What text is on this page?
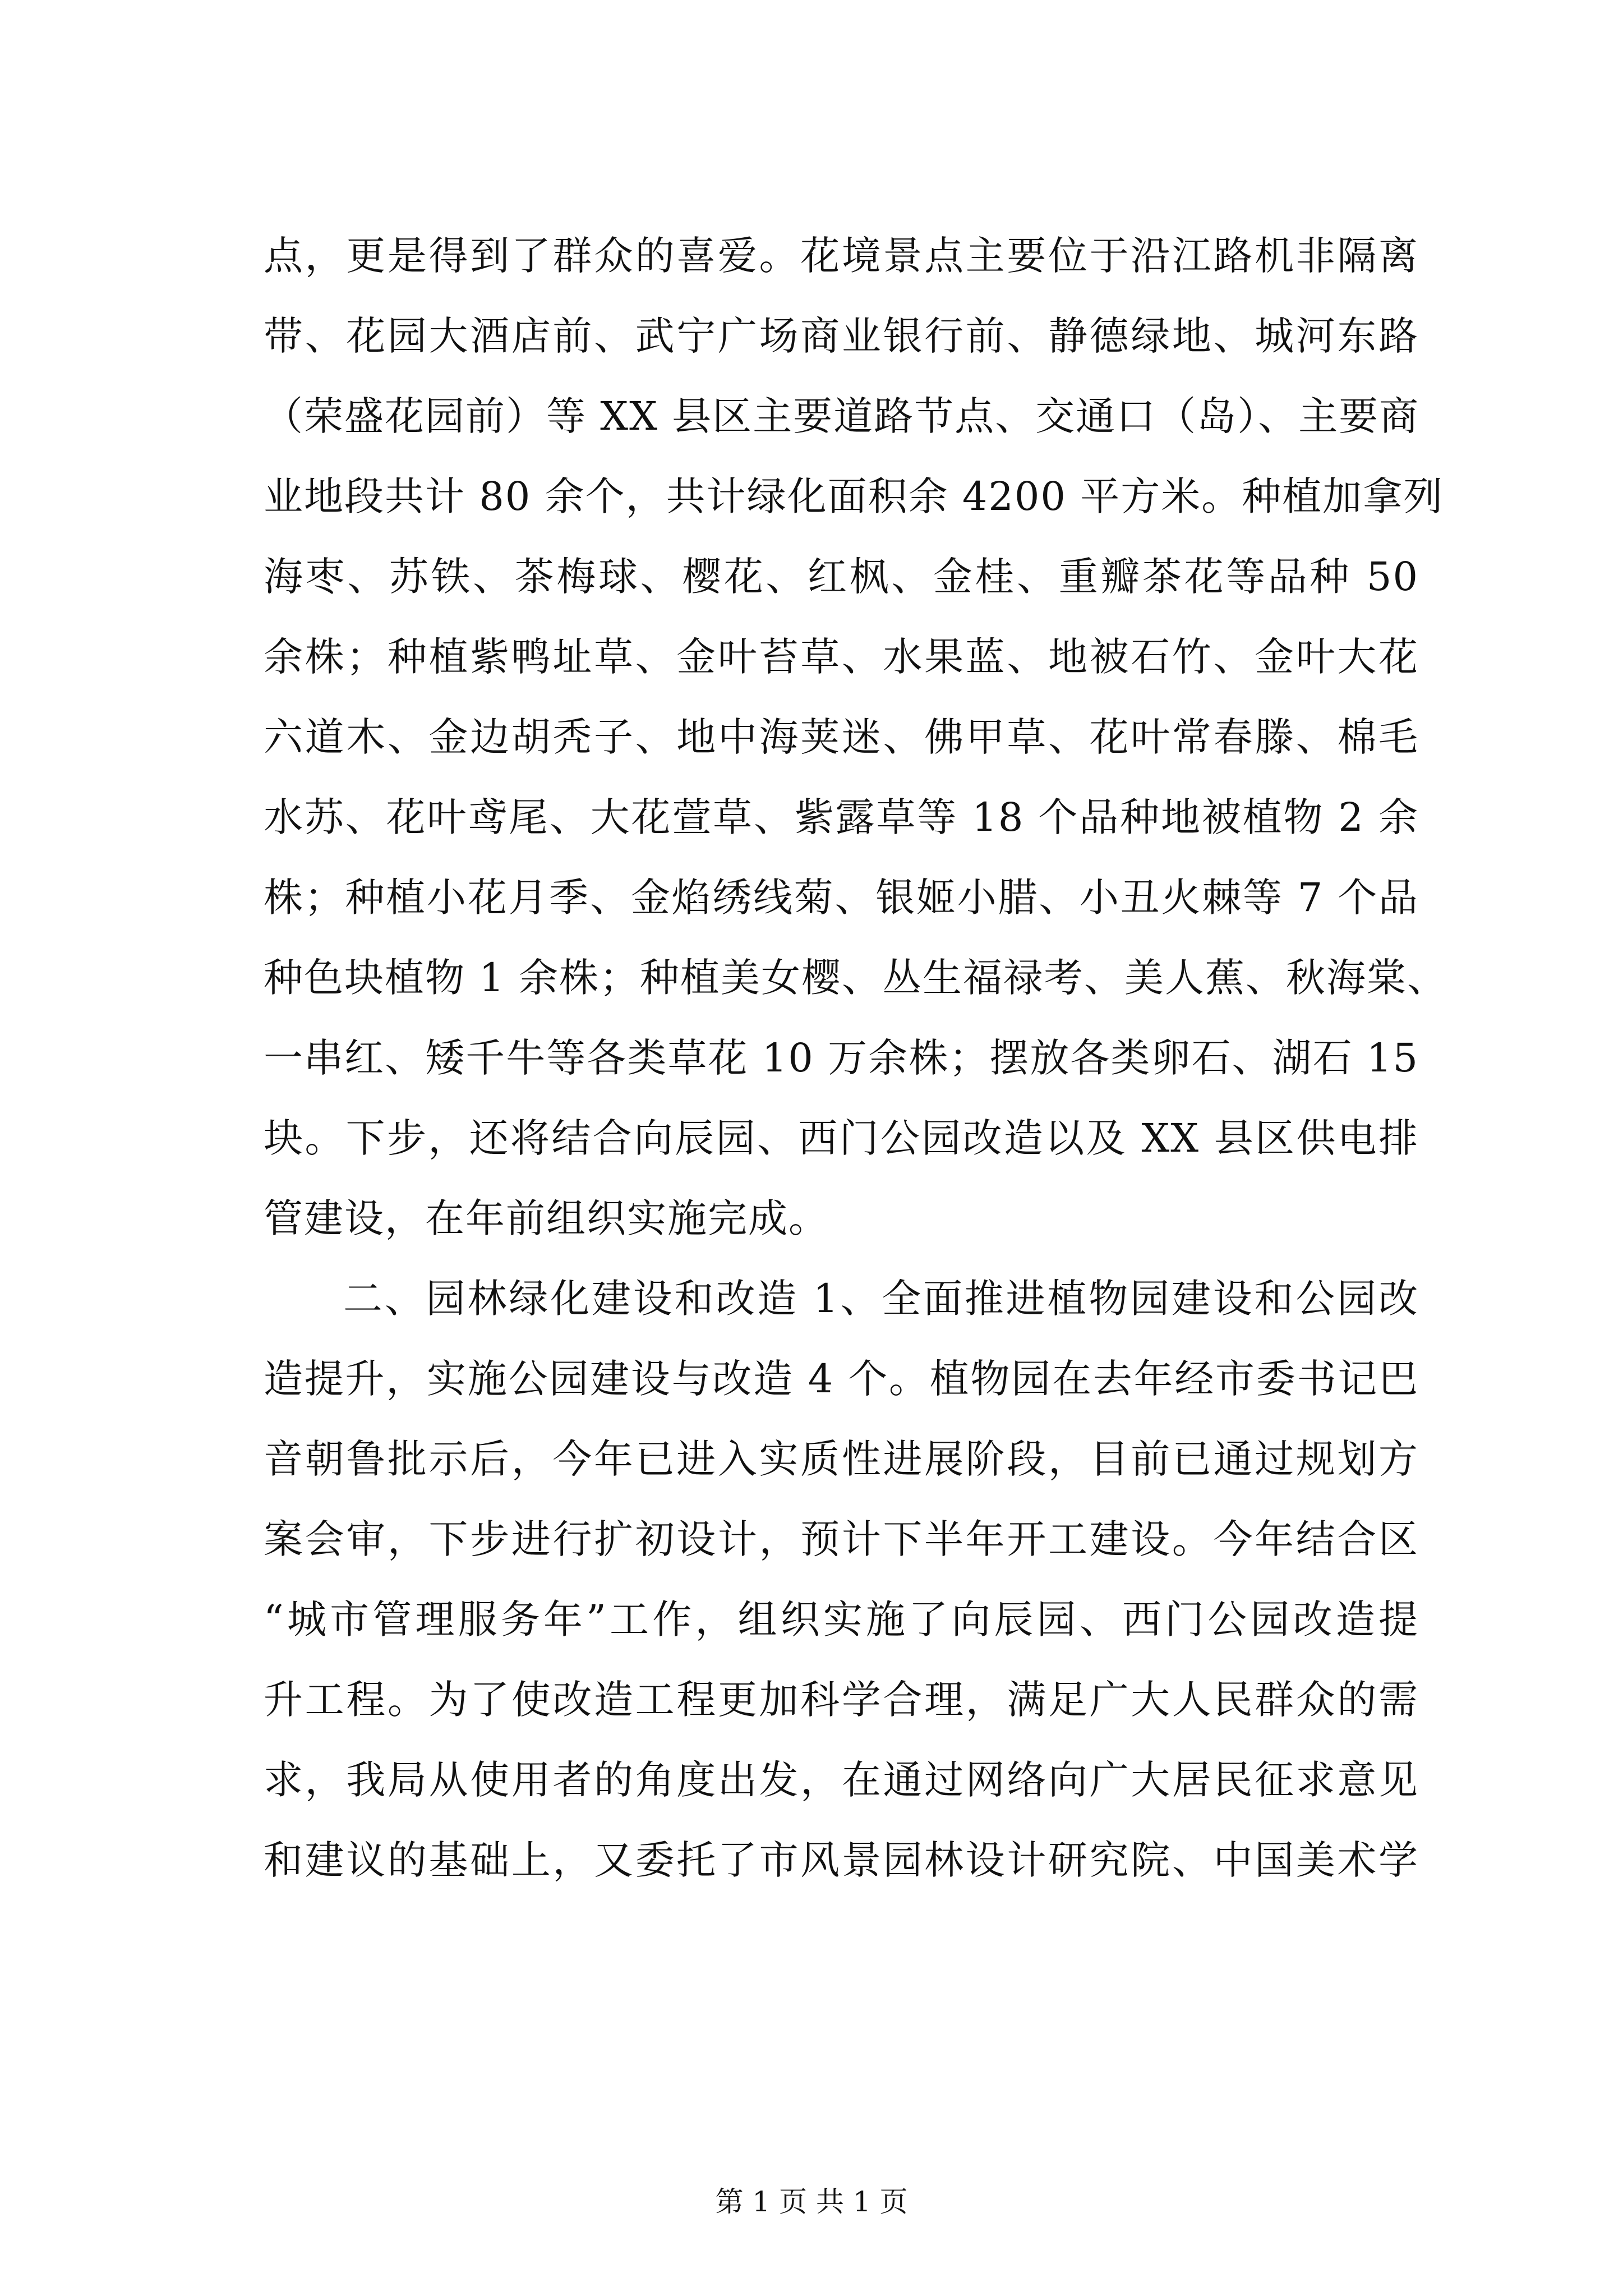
点，更是得到了群众的喜爱。花境景点主要位于沿江路机非隔离
带、花园大酒店前、武宁广场商业银行前、静德绿地、城河东路
（荣盛花园前）等 XX 县区主要道路节点、交通口（岛）、主要商
业地段共计 80 余个，共计绿化面积余 4200 平方米。种植加拿列
海枣、苏铁、茶梅球、樱花、红枫、金桂、重瓣茶花等品种 50
余株；种植紫鸭址草、金叶苔草、水果蓝、地被石竹、金叶大花
六道木、金边胡秃子、地中海荚迷、佛甲草、花叶常春滕、棉毛
水苏、花叶鸢尾、大花萱草、紫露草等 18 个品种地被植物 2 余
株；种植小花月季、金焰绣线菊、银姬小腊、小丑火棘等 7 个品
种色块植物 1 余株；种植美女樱、丛生福禄考、美人蕉、秋海棠、
一串红、矮千牛等各类草花 10 万余株；摆放各类卵石、湖石 15
块。下步，还将结合向辰园、西门公园改造以及 XX 县区供电排
管建设，在年前组织实施完成。
二、园林绿化建设和改造 1、全面推进植物园建设和公园改
造提升，实施公园建设与改造 4 个。植物园在去年经市委书记巴
音朝鲁批示后，今年已进入实质性进展阶段，目前已通过规划方
案会审，下步进行扩初设计，预计下半年开工建设。今年结合区
“城市管理服务年”工作，组织实施了向辰园、西门公园改造提
升工程。为了使改造工程更加科学合理，满足广大人民群众的需
求，我局从使用者的角度出发，在通过网络向广大居民征求意见
和建议的基础上，又委托了市风景园林设计研究院、中国美术学
第 1 页 共 1 页
